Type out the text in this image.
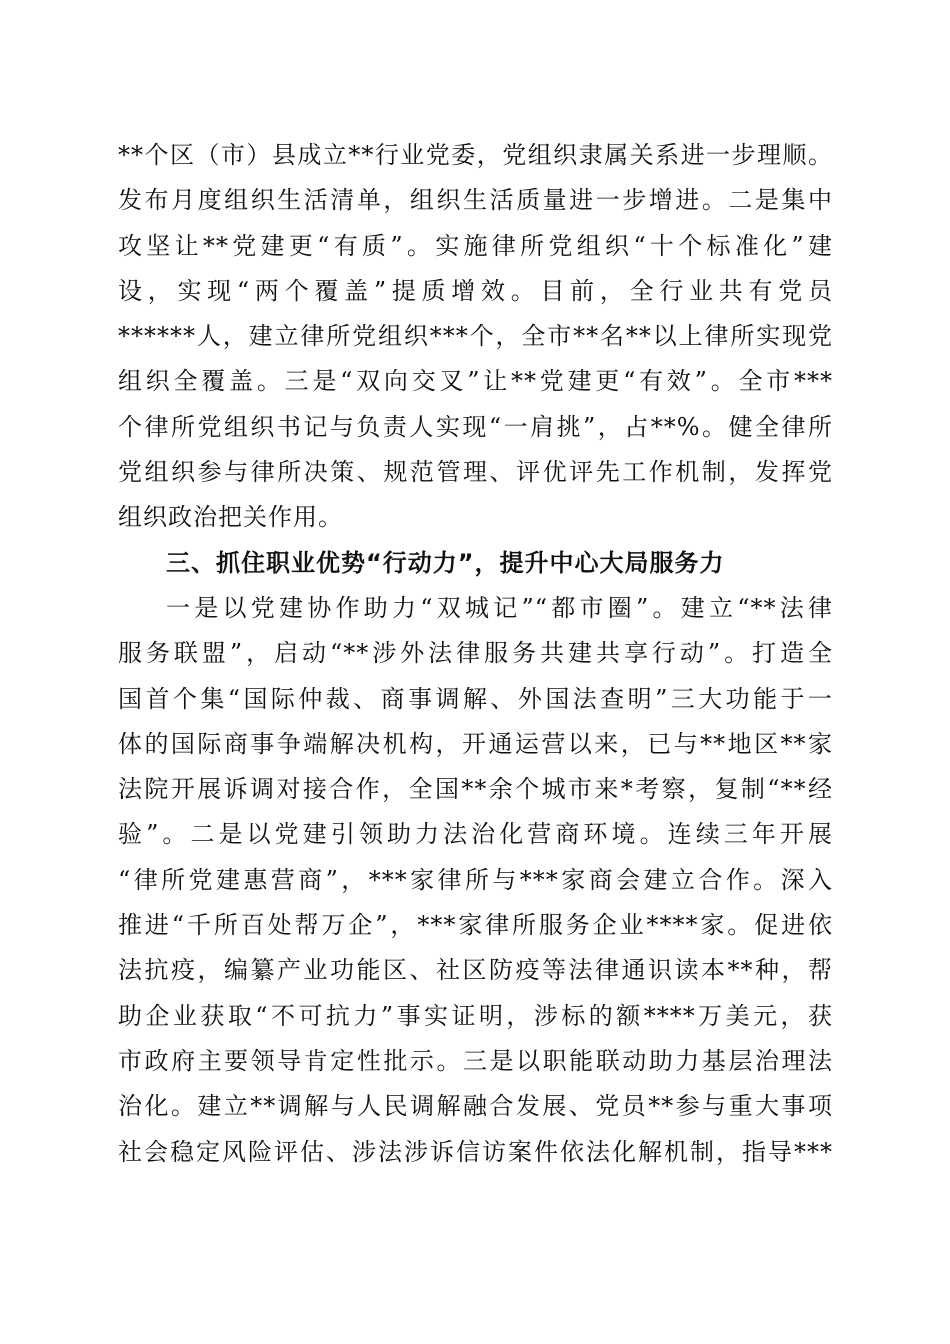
**个区（市）县成立**行业党委，党组织隶属关系进一步理顺。
发布月度组织生活清单，组织生活质量进一步增进。二是集中
攻坚让**党建更“有质”。实施律所党组织“十个标准化”建
设，实现“两个覆盖”提质增效。目前，全行业共有党员
******人，建立律所党组织***个，全市**名**以上律所实现党
组织全覆盖。三是“双向交叉”让**党建更“有效”。全市***
个律所党组织书记与负责人实现“一肩挑”，占**%。健全律所
党组织参与律所决策、规范管理、评优评先工作机制，发挥党
组织政治把关作用。
三、抓住职业优势“行动力”，提升中心大局服务力
一是以党建协作助力“双城记”“都市圈”。建立“**法律
服务联盟”，启动“**涉外法律服务共建共享行动”。打造全
国首个集“国际仲裁、商事调解、外国法查明”三大功能于一
体的国际商事争端解决机构，开通运营以来，已与**地区**家
法院开展诉调对接合作，全国**余个城市来*考察，复制“**经
验”。二是以党建引领助力法治化营商环境。连续三年开展
“律所党建惠营商”，***家律所与***家商会建立合作。深入
推进“千所百处帮万企”，***家律所服务企业****家。促进依
法抗疫，编纂产业功能区、社区防疫等法律通识读本**种，帮
助企业获取“不可抗力”事实证明，涉标的额****万美元，获
市政府主要领导肯定性批示。三是以职能联动助力基层治理法
治化。建立**调解与人民调解融合发展、党员**参与重大事项
社会稳定风险评估、涉法涉诉信访案件依法化解机制，指导***
